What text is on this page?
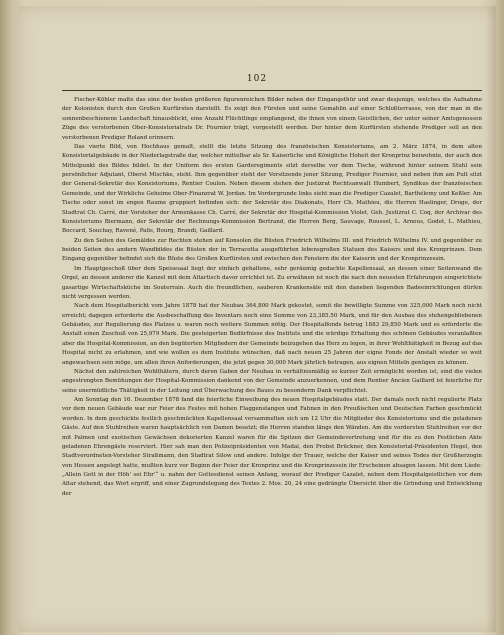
102

Fischer-Köhler malte das eine der beiden größeren figurenreichen Bilder neben der Eingangsthür und zwar desjenige, welches die Aufnahme der Kolonisten durch den Großen Kurfürsten darstellt. Es zeigt den Fürsten und seine Gemahlin auf einer Schloßterrasse, von der man in die sonnenbeschienene Landschaft hinausblickt, eine Anzahl Flüchtlinge empfangend, die ihnen von einem Geistlichen, der unter seiner Amtsgenossen Züge des verstorbenen Ober-Konsistorialrats Dr. Fournier trägt, vorgestellt werden. Der hinter dem Kurfürsten stehende Prediger soll an den verstorbenen Prediger Roland erinnern.

Das vierte Bild, von Hochhaus gemalt, stellt die letzte Sitzung des französischen Konsistoriums, am 2. März 1874, in dem alten Konsistorialgebäude in der Niederlagstraße dar, welcher mittelbar als Sr. Kaiserliche und Königliche Hoheit der Kronprinz beiwohnte, der auch den Mittelpunkt des Bildes bildet. In der Uniform des ersten Garderegiments sitzt derselbe vor dem Tische, während hinter seinem Stuhl sein persönlicher Adjutant, Oberst Mischke, steht. Ihm gegenüber steht der Vorsitzende jener Sitzung, Prediger Fournier, und neben ihm am Pult sitzt der General-Sekretär des Konsistoriums, Rentier Coulon. Neben diesem stehen der Justizrat Rechtsanwalt Humbert, Syndikus der französischen Gemeinde, und der Wirkliche Geheime Ober-Finanzrat W. Jordan. Im Vordergrunde links sieht man die Prediger Cazalet, Barthélemy und Keßler. Am Tische oder sonst im engen Raume gruppiert befinden sich: der Sekretär des Diakonats, Herr Ch. Mathieu, die Herren Haslinger, Droge, der Stadtrat Ch. Carré, der Vorsteher der Armenkasse Ch. Carré, der Sekretär der Hospital-Kommission Violet, Geh. Justizrat C. Coq, der Archivar des Konsistoriums Biermann, der Sekretär der Rechnungs-Kommission Bertrand, die Herren Berg, Sauvage, Roussel, L. Arnous, Godet, L. Mathieu, Boccard, Souchay, Ravené, Palis, Bourg, Brandi, Gaillard.

Zu den Seiten des Gemäldes zur Rechten stehen auf Konsolen die Büsten Friedrich Wilhelms III. und Friedrich Wilhelms IV. und gegenüber zu beiden Seiten des andern Wandbildes die Büsten der in Terracotta ausgeführten lebensgroßen Statuen des Kaisers und des Kronprinzen. Dem Eingang gegenüber befindet sich die Büste des Großen Kurfürsten und zwischen den Fenstern die der Kaiserin und der Kronprinzessin.

Im Hauptgeschoß über dem Speisesaal liegt der einfach gehaltene, sehr geräumig gedachte Kapellensaal, an dessen einer Seitenwand die Orgel, an dessen anderer die Kanzel mit dem Altartisch davor errichtet ist. Zu erwähnen ist noch die nach den neuesten Erfahrungen eingerichtete gasartige Wirtschaftsküche im Souterrain. Auch die freundlichen, sauberen Krankensäle mit den daneben liegenden Badeeinrichtungen dürfen nicht vergessen werden.

Nach dem Hospitalbericht vom Jahre 1878 hat der Neubau 364,800 Mark gekostet, somit die bewilligte Summe von 325,000 Mark noch nicht erreicht; dagegen erforderte die Ausbeschaffung des Inventars noch eine Summe von 23,385.50 Mark, und für den Ausbau des stehengebliebenen Gebäudes, zur Regulierung des Platzes u. waren noch weitere Summen nötig. Der Hospitalfonds betrug 1883 29,850 Mark und es erforderte die Anstalt einen Zuschuß von 25,979 Mark. Die gesteigerten Bedürfnisse des Instituts und die würdige Erhaltung des schönen Gebäudes veranlaßten aber die Hospital-Kommission, an den begüterten Mitgliedern der Gemeinde beizugehen das Herz zu legen, in ihrer Wohlthätigkeit in Bezug auf das Hospital nicht zu erlahmen, und wie wollen es dem Institute wünschen, daß nach neuen 25 Jahren der eigne Fonds der Anstalt wieder so weit angewachsen sein möge, um allen ihren Anforderungen, die jetzt gegen 30,000 Mark jährlich betragen, aus eignen Mitteln genügen zu können.

Nächst den zahlreichen Wohlthätern, durch deren Gaben der Neubau in verhältnismäßig so kurzer Zeit ermöglicht worden ist, sind die vielen angestrengten Bemühungen der Hospital-Kommission dankend von der Gemeinde anzuerkennen, und dem Rentier Ancien Gaillard ist feierliche für seine unermüdliche Thätigkeit in der Leitung und Überwachung des Baues zu besonderm Dank verpflichtet.

Am Sonntag den 16. Dezember 1878 fand die feierliche Einweihung des neuen Hospitalgebäudes statt. Der damals noch nicht regulierte Platz vor dem neuen Gebäude war zur Feier des Festes mit hohen Flaggenstangen und Fahnen in den Preußischen und Deutschen Farben geschmückt worden. In dem geschickte festlich geschmückten Kapellensaal versammelten sich um 12 Uhr die Mitglieder des Konsistoriums und die geladenen Gäste. Auf den Stuhlreihen waren hauptsächlich von Damen besetzt; die Herren standen längs den Wänden. Am die vordersten Stuhlreihen vor der mit Palmen und exotischen Gewächsen dekorierten Kanzel waren für die Spitzen der Gemeindevertretung und für die zu den Festlichen Akte geladenen Ehrengäste reserviert. Hier sah man den Polizeipräsidenten von Madai, den Probst Brückner, den Konsistorial-Präsidenten Hegel, den Stadtverordneten-Vorsteher Straßmann, den Stadtrat Silow und andere. Infolge der Trauer, welche der Kaiser und seines Todes der Großherzogin von Hessen angelegt hatte, mußten kurz vor Beginn der Feier der Kronprinz und die Kronprinzessin ihr Erscheinen absagen lassen. Mit dem Liede: „Allein Gott in der Höh' sei Ehr'“ u. nahm der Gottesdienst seinen Anfang, worauf der Prediger Cazalet, neben dem Hospitalgeistlichen vor dem Altar stehend, das Wort ergriff, und einer Zugrundelegung des Textes 2. Mos. 20, 24 eine gedrängte Übersicht über die Gründung und Entwicklung der
